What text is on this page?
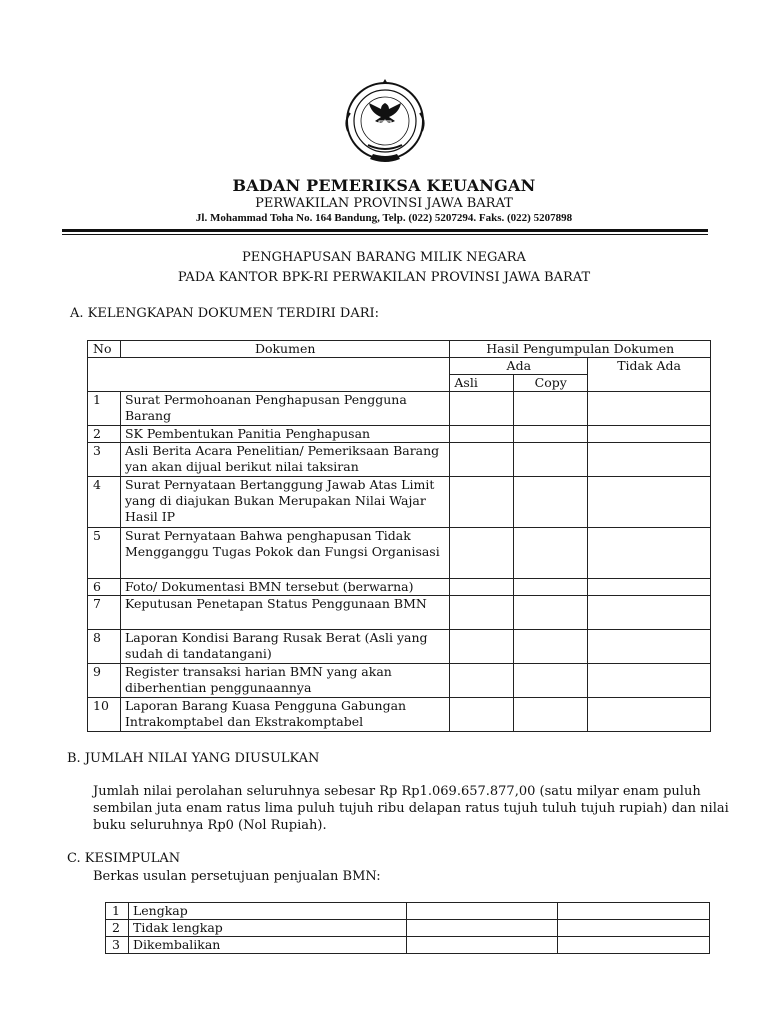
BADAN PEMERIKSA KEUANGAN
PERWAKILAN PROVINSI JAWA BARAT
Jl. Mohammad Toha No. 164 Bandung, Telp. (022) 5207294. Faks. (022) 5207898
PENGHAPUSAN BARANG MILIK NEGARA
PADA KANTOR BPK-RI PERWAKILAN PROVINSI JAWA BARAT
A. KELENGKAPAN DOKUMEN TERDIRI DARI:
No	Dokumen	Hasil Pengumpulan Dokumen		
		Ada		Tidak Ada
		Asli	Copy	
1	Surat Permohoanan Penghapusan Pengguna Barang			
2	SK Pembentukan Panitia Penghapusan			
3	Asli Berita Acara Penelitian/ Pemeriksaan Barang yan akan dijual berikut nilai taksiran			
4	Surat Pernyataan Bertanggung Jawab Atas Limit yang di diajukan Bukan Merupakan Nilai Wajar Hasil IP			
5	Surat Pernyataan Bahwa penghapusan Tidak Mengganggu Tugas Pokok dan Fungsi Organisasi			
6	Foto/ Dokumentasi BMN tersebut (berwarna)			
7	Keputusan Penetapan Status Penggunaan BMN			
8	Laporan Kondisi Barang Rusak Berat (Asli yang sudah di tandatangani)			
9	Register transaksi harian BMN yang akan diberhentian penggunaannya			
10	Laporan Barang Kuasa Pengguna Gabungan Intrakomptabel dan Ekstrakomptabel			
B. JUMLAH NILAI YANG DIUSULKAN
Jumlah nilai perolahan seluruhnya sebesar Rp Rp1.069.657.877,00 (satu milyar enam puluh sembilan juta enam ratus lima puluh tujuh ribu delapan ratus tujuh tuluh tujuh rupiah) dan nilai buku seluruhnya Rp0 (Nol Rupiah).
C. KESIMPULAN
Berkas usulan persetujuan penjualan BMN:
1	Lengkap		
2	Tidak lengkap		
3	Dikembalikan		
